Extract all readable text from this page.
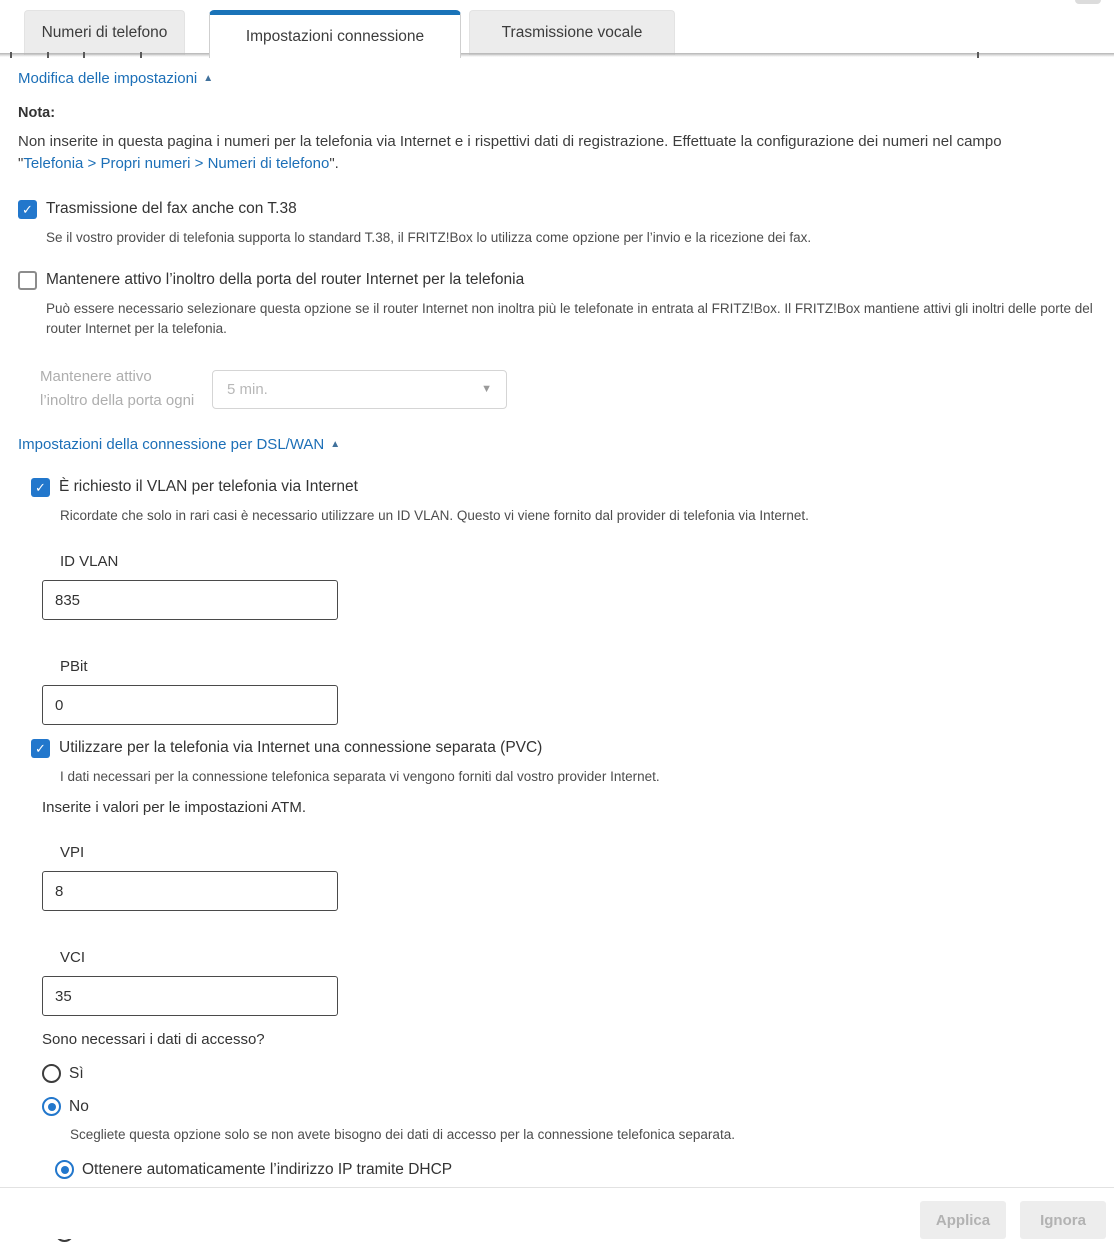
Numeri di telefono	Impostazioni connessione	Trasmissione vocale
Modifica delle impostazioni ▲
Nota:
Non inserite in questa pagina i numeri per la telefonia via Internet e i rispettivi dati di registrazione. Effettuate la configurazione dei numeri nel campo
"Telefonia > Propri numeri > Numeri di telefono".
✓ Trasmissione del fax anche con T.38
Se il vostro provider di telefonia supporta lo standard T.38, il FRITZ!Box lo utilizza come opzione per l’invio e la ricezione dei fax.
Mantenere attivo l’inoltro della porta del router Internet per la telefonia
Può essere necessario selezionare questa opzione se il router Internet non inoltra più le telefonate in entrata al FRITZ!Box. Il FRITZ!Box mantiene attivi gli inoltri delle porte del router Internet per la telefonia.
Mantenere attivo
l’inoltro della porta ogni
5 min.	▼
Impostazioni della connessione per DSL/WAN ▲
✓ È richiesto il VLAN per telefonia via Internet
Ricordate che solo in rari casi è necessario utilizzare un ID VLAN. Questo vi viene fornito dal provider di telefonia via Internet.
ID VLAN
835
PBit
0
✓ Utilizzare per la telefonia via Internet una connessione separata (PVC)
I dati necessari per la connessione telefonica separata vi vengono forniti dal vostro provider Internet.
Inserite i valori per le impostazioni ATM.
VPI
8
VCI
35
Sono necessari i dati di accesso?
Sì
No
Scegliete questa opzione solo se non avete bisogno dei dati di accesso per la connessione telefonica separata.
Ottenere automaticamente l’indirizzo IP tramite DHCP
Applica	Ignora
